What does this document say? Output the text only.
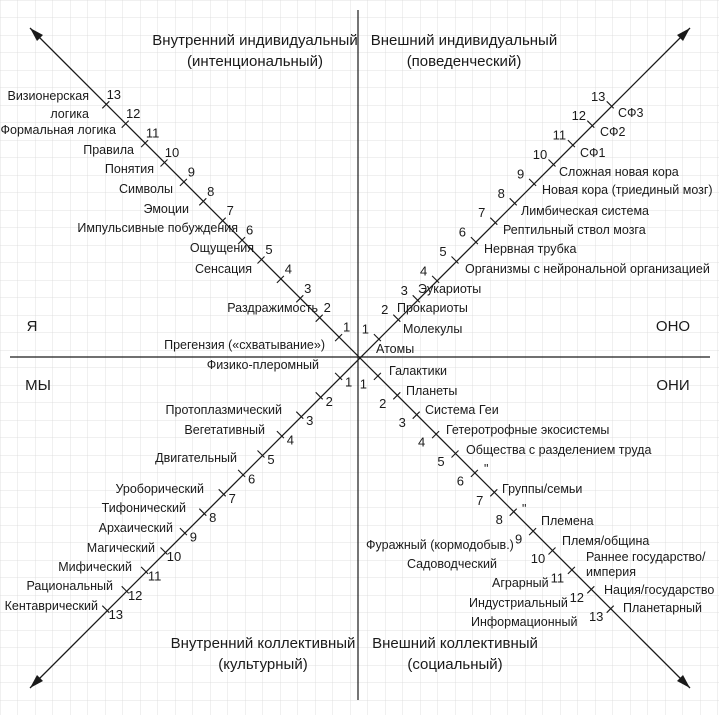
Внутренний индивидуальный
(интенциональный)
Внешний индивидуальный
(поведенческий)
Внутренний коллективный
(культурный)
Внешний коллективный
(социальный)
Я	ОНО
МЫ	ОНИ
Прегензия («схватывание»)
Раздражимость
Сенсация
Ощущения
Импульсивные побуждения
Эмоции
Символы
Понятия
Правила
Формальная логика
логика
Визионерская
Атомы
Молекулы
Прокариоты
Эукариоты
Организмы с нейрональной организацией
Нервная трубка
Рептильный ствол мозга
Лимбическая система
Новая кора (триединый мозг)
Сложная новая кора
СФ1
СФ2
СФ3
Физико-плеромный
Протоплазмический
Вегетативный
Двигательный
Уроборический
Тифонический
Архаический
Магический
Мифический
Рациональный
Кентаврический
Галактики
Планеты
Система Геи
Гетеротрофные экосистемы
Общества с разделением труда
"
Группы/семьи
"
Племена
Племя/община
Раннее государство/
империя
Нация/государство
Планетарный
Фуражный (кормодобыв.)
Садоводческий
Аграрный
Индустриальный
Информационный
1
2
3
4
5
6
7
8
9
10
11
12
13
1
2
3
4
5
6
7
8
9
10
11
12
13
1
2
3
4
5
6
7
8
9
10
11
12
13
1
2
3
4
5
6
7
8
9
10
11
12
13
